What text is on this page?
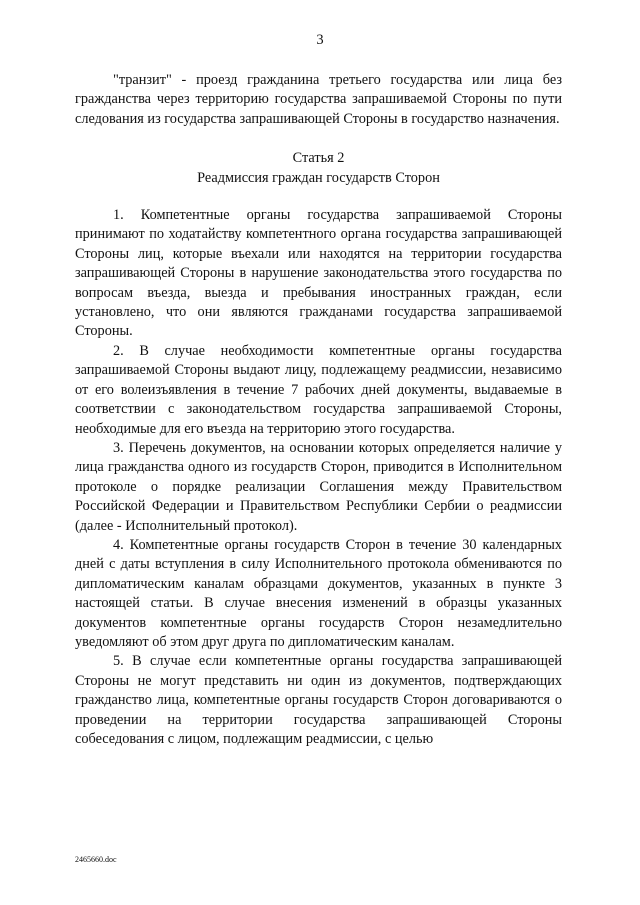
3

"транзит" - проезд гражданина третьего государства или лица без гражданства через территорию государства запрашиваемой Стороны по пути следования из государства запрашивающей Стороны в государство назначения.

Статья 2

Реадмиссия граждан государств Сторон

1. Компетентные органы государства запрашиваемой Стороны принимают по ходатайству компетентного органа государства запрашивающей Стороны лиц, которые въехали или находятся на территории государства запрашивающей Стороны в нарушение законодательства этого государства по вопросам въезда, выезда и пребывания иностранных граждан, если установлено, что они являются гражданами государства запрашиваемой Стороны.

2. В случае необходимости компетентные органы государства запрашиваемой Стороны выдают лицу, подлежащему реадмиссии, независимо от его волеизъявления в течение 7 рабочих дней документы, выдаваемые в соответствии с законодательством государства запрашиваемой Стороны, необходимые для его въезда на территорию этого государства.

3. Перечень документов, на основании которых определяется наличие у лица гражданства одного из государств Сторон, приводится в Исполнительном протоколе о порядке реализации Соглашения между Правительством Российской Федерации и Правительством Республики Сербии о реадмиссии (далее - Исполнительный протокол).

4. Компетентные органы государств Сторон в течение 30 календарных дней с даты вступления в силу Исполнительного протокола обмениваются по дипломатическим каналам образцами документов, указанных в пункте 3 настоящей статьи. В случае внесения изменений в образцы указанных документов компетентные органы государств Сторон незамедлительно уведомляют об этом друг друга по дипломатическим каналам.

5. В случае если компетентные органы государства запрашивающей Стороны не могут представить ни один из документов, подтверждающих гражданство лица, компетентные органы государств Сторон договариваются о проведении на территории государства запрашивающей Стороны собеседования с лицом, подлежащим реадмиссии, с целью

2465660.doc
